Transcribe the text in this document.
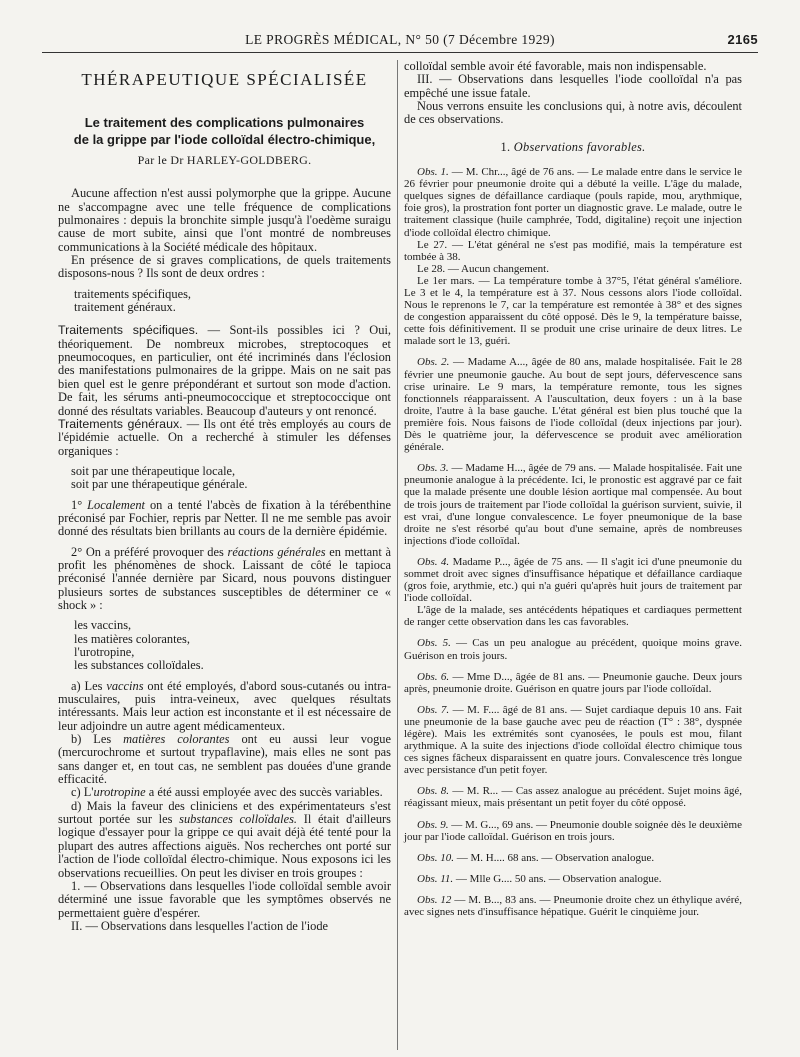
LE PROGRÈS MÉDICAL, N° 50 (7 Décembre 1929)	2165
THÉRAPEUTIQUE SPÉCIALISÉE
Le traitement des complications pulmonaires
de la grippe par l'iode colloïdal électro-chimique,
Par le Dr HARLEY-GOLDBERG.

Aucune affection n'est aussi polymorphe que la grippe. Aucune ne s'accompagne avec une telle fréquence de complications pulmonaires : depuis la bronchite simple jusqu'à l'oedème suraigu cause de mort subite, ainsi que l'ont montré de nombreuses communications à la Société médicale des hôpitaux.

En présence de si graves complications, de quels traitements disposons-nous ? Ils sont de deux ordres :

traitements spécifiques,
traitement généraux.

Traitements spécifiques. — Sont-ils possibles ici ? Oui, théoriquement. De nombreux microbes, streptocoques et pneumocoques, en particulier, ont été incriminés dans l'éclosion des manifestations pulmonaires de la grippe. Mais on ne sait pas bien quel est le genre prépondérant et surtout son mode d'action. De fait, les sérums anti-pneumococcique et streptococcique ont donné des résultats variables. Beaucoup d'auteurs y ont renoncé.

Traitements généraux. — Ils ont été très employés au cours de l'épidémie actuelle. On a recherché à stimuler les défenses organiques :

soit par une thérapeutique locale,
soit par une thérapeutique générale.

1° Localement on a tenté l'abcès de fixation à la térébenthine préconisé par Fochier, repris par Netter. Il ne me semble pas avoir donné des résultats bien brillants au cours de la dernière épidémie.

2° On a préféré provoquer des réactions générales en mettant à profit les phénomènes de shock. Laissant de côté le tapioca préconisé l'année dernière par Sicard, nous pouvons distinguer plusieurs sortes de substances susceptibles de déterminer ce « shock » :

les vaccins,
les matières colorantes,
l'urotropine,
les substances colloïdales.

a) Les vaccins ont été employés, d'abord sous-cutanés ou intra-musculaires, puis intra-veineux, avec quelques résultats intéressants. Mais leur action est inconstante et il est nécessaire de leur adjoindre un autre agent médicamenteux.

b) Les matières colorantes ont eu aussi leur vogue (mercurochrome et surtout trypaflavine), mais elles ne sont pas sans danger et, en tout cas, ne semblent pas douées d'une grande efficacité.

c) L'urotropine a été aussi employée avec des succès variables.

d) Mais la faveur des cliniciens et des expérimentateurs s'est surtout portée sur les substances colloïdales. Il était d'ailleurs logique d'essayer pour la grippe ce qui avait déjà été tenté pour la plupart des autres affections aiguës. Nos recherches ont porté sur l'action de l'iode colloïdal électro-chimique. Nous exposons ici les observations recueillies. On peut les diviser en trois groupes :

1. — Observations dans lesquelles l'iode colloïdal semble avoir déterminé une issue favorable que les symptômes observés ne permettaient guère d'espérer.

II. — Observations dans lesquelles l'action de l'iode

colloïdal semble avoir été favorable, mais non indispensable.

III. — Observations dans lesquelles l'iode coolloïdal n'a pas empêché une issue fatale.

Nous verrons ensuite les conclusions qui, à notre avis, découlent de ces observations.

1. Observations favorables.

Obs. 1. — M. Chr..., âgé de 76 ans. — Le malade entre dans le service le 26 février pour pneumonie droite qui a débuté la veille. L'âge du malade, quelques signes de défaillance cardiaque (pouls rapide, mou, arythmique, foie gros), la prostration font porter un diagnostic grave. Le malade, outre le traitement classique (huile camphrée, Todd, digitaline) reçoit une injection d'iode colloïdal électro chimique.

Le 27. — L'état général ne s'est pas modifié, mais la température est tombée à 38.

Le 28. — Aucun changement.

Le 1er mars. — La température tombe à 37°5, l'état général s'améliore. Le 3 et le 4, la température est à 37. Nous cessons alors l'iode colloïdal. Nous le reprenons le 7, car la température est remontée à 38° et des signes de congestion apparaissent du côté opposé. Dès le 9, la température baisse, cette fois définitivement. Il se produit une crise urinaire de deux litres. Le malade sort le 13, guéri.

Obs. 2. — Madame A..., âgée de 80 ans, malade hospitalisée. Fait le 28 février une pneumonie gauche. Au bout de sept jours, défervescence sans crise urinaire. Le 9 mars, la température remonte, tous les signes fonctionnels réapparaissent. A l'auscultation, deux foyers : un à la base droite, l'autre à la base gauche. L'état général est bien plus touché que la première fois. Nous faisons de l'iode colloïdal (deux injections par jour). Dès le quatrième jour, la défervescence se produit avec amélioration générale.

Obs. 3. — Madame H..., âgée de 79 ans. — Malade hospitalisée. Fait une pneumonie analogue à la précédente. Ici, le pronostic est aggravé par ce fait que la malade présente une double lésion aortique mal compensée. Au bout de trois jours de traitement par l'iode colloïdal la guérison survient, suivie, il est vrai, d'une longue convalescence. Le foyer pneumonique de la base droite ne s'est résorbé qu'au bout d'une semaine, après de nombreuses injections d'iode colloïdal.

Obs. 4. Madame P..., âgée de 75 ans. — Il s'agit ici d'une pneumonie du sommet droit avec signes d'insuffisance hépatique et défaillance cardiaque (gros foie, arythmie, etc.) qui n'a guéri qu'après huit jours de traitement par l'iode colloïdal.

L'âge de la malade, ses antécédents hépatiques et cardiaques permettent de ranger cette observation dans les cas favorables.

Obs. 5. — Cas un peu analogue au précédent, quoique moins grave. Guérison en trois jours.

Obs. 6. — Mme D..., âgée de 81 ans. — Pneumonie gauche. Deux jours après, pneumonie droite. Guérison en quatre jours par l'iode colloïdal.

Obs. 7. — M. F.... âgé de 81 ans. — Sujet cardiaque depuis 10 ans. Fait une pneumonie de la base gauche avec peu de réaction (T° : 38°, dyspnée légère). Mais les extrémités sont cyanosées, le pouls est mou, filant arythmique. A la suite des injections d'iode colloïdal électro chimique tous ces signes fâcheux disparaissent en quatre jours. Convalescence très longue avec persistance d'un petit foyer.

Obs. 8. — M. R... — Cas assez analogue au précédent. Sujet moins âgé, réagissant mieux, mais présentant un petit foyer du côté opposé.

Obs. 9. — M. G..., 69 ans. — Pneumonie double soignée dès le deuxième jour par l'iode calloïdal. Guérison en trois jours.

Obs. 10. — M. H.... 68 ans. — Observation analogue.

Obs. 11. — Mlle G.... 50 ans. — Observation analogue.

Obs. 12 — M. B..., 83 ans. — Pneumonie droite chez un éthylique avéré, avec signes nets d'insuffisance hépatique. Guérit le cinquième jour.
